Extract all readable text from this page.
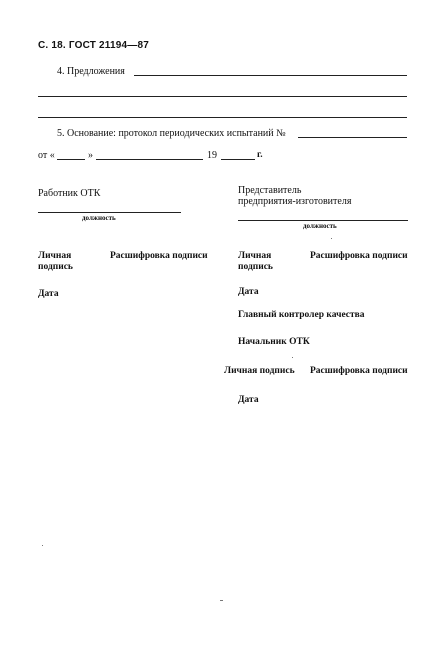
С. 18. ГОСТ 21194—87
4. Предложения
5. Основание: протокол периодических испытаний №
от «	»	19	г.
Работник ОТК
должность
Личная
подпись
Расшифровка подписи
Дата
Представитель
предприятия-изготовителя
должность
Личная
подпись
Расшифровка подписи
Дата
Главный контролер качества
Начальник ОТК
Личная подпись Расшифровка подписи
Дата
